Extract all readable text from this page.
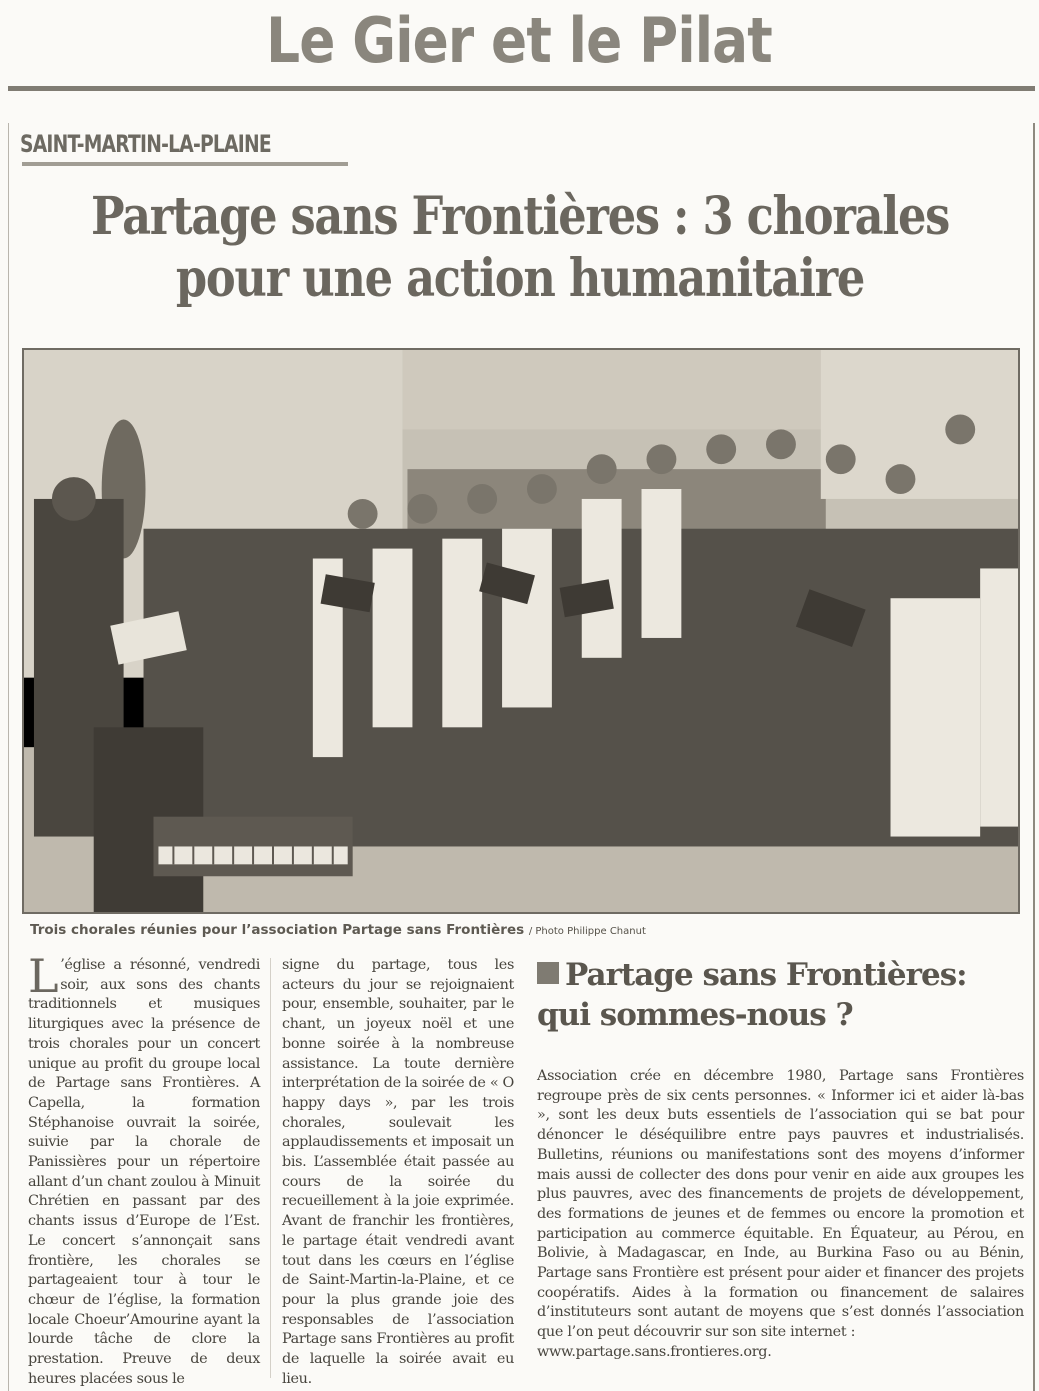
Le Gier et le Pilat
SAINT-MARTIN-LA-PLAINE
Partage sans Frontières : 3 chorales
pour une action humanitaire
Trois chorales réunies pour l’association Partage sans Frontières / Photo Philippe Chanut
L ’église a résonné, vendredi soir, aux sons des chants traditionnels et musiques liturgiques avec la présence de trois chorales pour un concert unique au profit du groupe local de Partage sans Frontières. A Capella, la formation Stéphanoise ouvrait la soirée, suivie par la chorale de Panissières pour un répertoire allant d’un chant zoulou à Minuit Chrétien en passant par des chants issus d’Europe de l’Est. Le concert s’annonçait sans frontière, les chorales se partageaient tour à tour le chœur de l’église, la formation locale Choeur’Amourine ayant la lourde tâche de clore la prestation. Preuve de deux heures placées sous le
signe du partage, tous les acteurs du jour se rejoignaient pour, ensemble, souhaiter, par le chant, un joyeux noël et une bonne soirée à la nombreuse assistance. La toute dernière interprétation de la soirée de « O happy days », par les trois chorales, soulevait les applaudissements et imposait un bis. L’assemblée était passée au cours de la soirée du recueillement à la joie exprimée. Avant de franchir les frontières, le partage était vendredi avant tout dans les cœurs en l’église de Saint-Martin-la-Plaine, et ce pour la plus grande joie des responsables de l’association Partage sans Frontières au profit de laquelle la soirée avait eu lieu.
Partage sans Frontières: qui sommes-nous ?
Association crée en décembre 1980, Partage sans Frontières regroupe près de six cents personnes. « Informer ici et aider là-bas », sont les deux buts essentiels de l’association qui se bat pour dénoncer le déséquilibre entre pays pauvres et industrialisés. Bulletins, réunions ou manifestations sont des moyens d’informer mais aussi de collecter des dons pour venir en aide aux groupes les plus pauvres, avec des financements de projets de développement, des formations de jeunes et de femmes ou encore la promotion et participation au commerce équitable. En Équateur, au Pérou, en Bolivie, à Madagascar, en Inde, au Burkina Faso ou au Bénin, Partage sans Frontière est présent pour aider et financer des projets coopératifs. Aides à la formation ou financement de salaires d’instituteurs sont autant de moyens que s’est donnés l’association que l’on peut découvrir sur son site internet :
www.partage.sans.frontieres.org.
